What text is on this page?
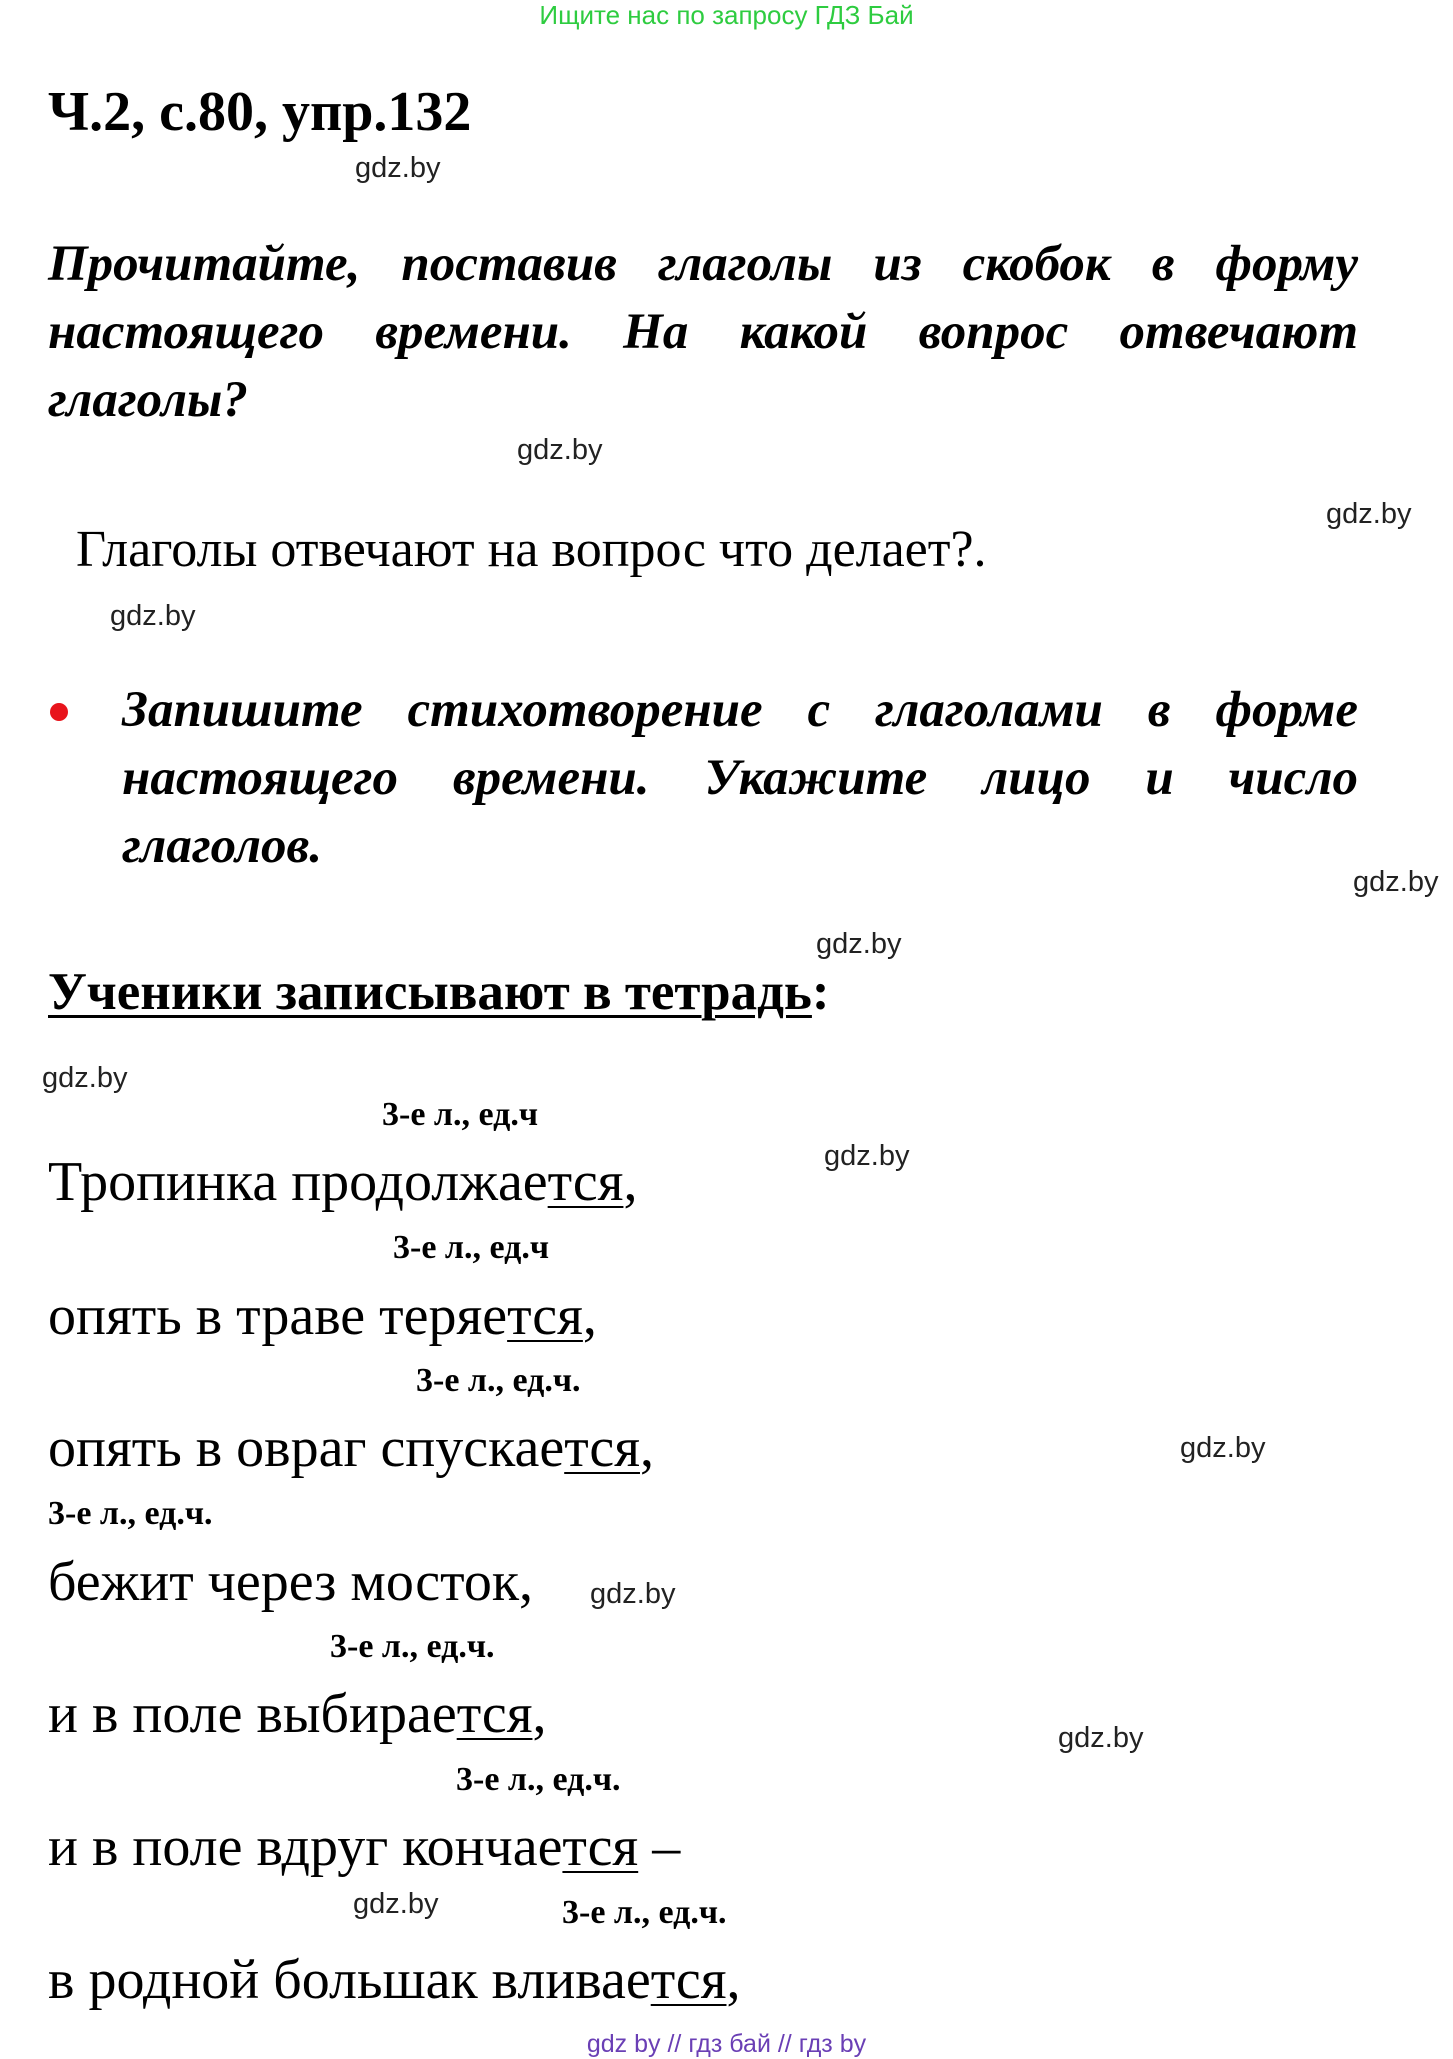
Ищите нас по запросу ГДЗ Бай
Ч.2, с.80, упр.132
gdz.by
Прочитайте, поставив глаголы из скобок в форму настоящего времени. На какой вопрос отвечают глаголы?
gdz.by
gdz.by
Глаголы отвечают на вопрос что делает?.
gdz.by
Запишите стихотворение с глаголами в форме настоящего времени. Укажите лицо и число глаголов.
gdz.by
gdz.by
Ученики записывают в тетрадь:
gdz.by
3-е л., ед.ч
gdz.by
Тропинка продолжается,
3-е л., ед.ч
опять в траве теряется,
3-е л., ед.ч.
gdz.by
опять в овраг спускается,
3-е л., ед.ч.
бежит через мосток, gdz.by
3-е л., ед.ч.
и в поле выбирается,	gdz.by
3-е л., ед.ч.
и в поле вдруг кончается –
gdz.by	3-е л., ед.ч.
в родной большак вливается,
gdz by // гдз бай // гдз by
